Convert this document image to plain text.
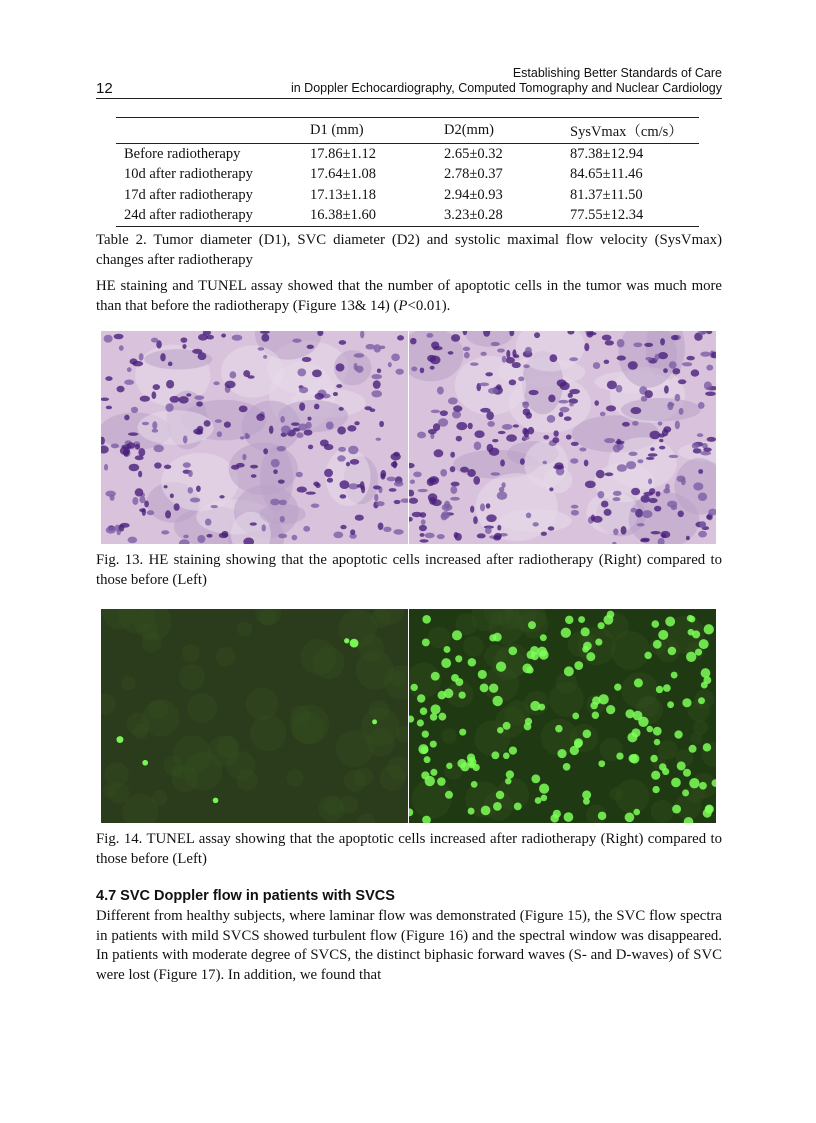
Establishing Better Standards of Care
in Doppler Echocardiography, Computed Tomography and Nuclear Cardiology
12
	D1 (mm)	D2(mm)	SysVmax（cm/s）
Before radiotherapy	17.86±1.12	2.65±0.32	87.38±12.94
10d after radiotherapy	17.64±1.08	2.78±0.37	84.65±11.46
17d after radiotherapy	17.13±1.18	2.94±0.93	81.37±11.50
24d after radiotherapy	16.38±1.60	3.23±0.28	77.55±12.34
Table 2. Tumor diameter (D1), SVC diameter (D2) and systolic maximal flow velocity (SysVmax) changes after radiotherapy
HE staining and TUNEL assay showed that the number of apoptotic cells in the tumor was much more than that before the radiotherapy (Figure 13& 14) (P<0.01).
Fig. 13. HE staining showing that the apoptotic cells increased after radiotherapy (Right) compared to those before (Left)
Fig. 14. TUNEL assay showing that the apoptotic cells increased after radiotherapy (Right) compared to those before (Left)
4.7 SVC Doppler flow in patients with SVCS
Different from healthy subjects, where laminar flow was demonstrated (Figure 15), the SVC flow spectra in patients with mild SVCS showed turbulent flow (Figure 16) and the spectral window was disappeared. In patients with moderate degree of SVCS, the distinct biphasic forward waves (S- and D-waves) of SVC were lost (Figure 17). In addition, we found that
